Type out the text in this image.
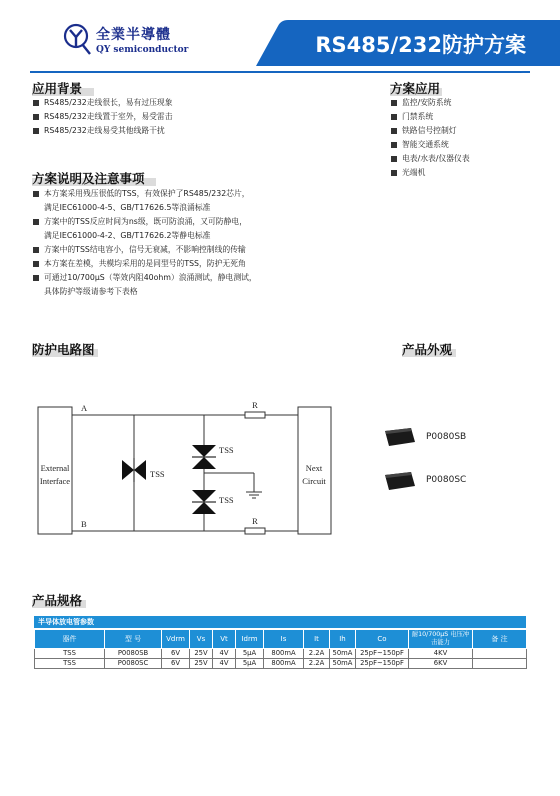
全業半導體
QY semiconductor	RS485/232防护方案
应用背景
RS485/232走线很长，易有过压现象
RS485/232走线置于室外，易受雷击
RS485/232走线易受其他线路干扰
方案应用
监控/安防系统
门禁系统
铁路信号控制灯
智能交通系统
电表/水表/仪器仪表
光端机
方案说明及注意事项
本方案采用残压很低的TSS，有效保护了RS485/232芯片，
满足IEC61000-4-5、GB/T17626.5等浪涌标准
方案中的TSS反应时间为ns级，既可防浪涌，又可防静电，
满足IEC61000-4-2、GB/T17626.2等静电标准
方案中的TSS结电容小，信号无衰减，不影响控制线的传输
本方案在差模，共模均采用的是同型号的TSS，防护无死角
可通过10/700μS（等效内阻40ohm）浪涌测试，静电测试，
具体防护等级请参考下表格
防护电路图
External
Interface
Next
Circuit
A
B
R
R
TSS
TSS
TSS
产品外观
P0080SB
P0080SC
产品规格
半导体放电管参数
器件	型 号	Vdrm	Vs	Vt	Idrm	Is	It	Ih	Co	耐10/700μS 电压冲击能力	备 注
TSS	P0080SB	6V	25V	4V	5μA	800mA	2.2A	50mA	25pF~150pF	4KV	
TSS	P0080SC	6V	25V	4V	5μA	800mA	2.2A	50mA	25pF~150pF	6KV	
